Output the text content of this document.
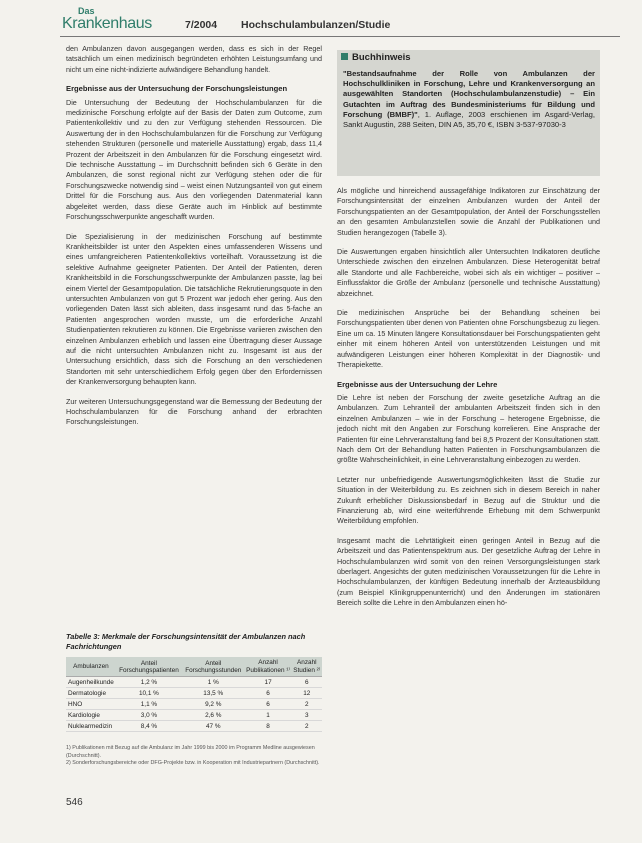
Das
Krankenhaus	7/2004 Hochschulambulanzen/Studie

den Ambulanzen davon ausgegangen werden, dass es sich in der Regel tatsächlich um einen medizinisch begründeten erhöhten Leistungsumfang und nicht um eine nicht-indizierte aufwändigere Behandlung handelt.

Ergebnisse aus der Untersuchung der Forschungsleistungen

Die Untersuchung der Bedeutung der Hochschulambulanzen für die medizinische Forschung erfolgte auf der Basis der Daten zum Outcome, zum Patientenkollektiv und zu den zur Verfügung stehenden Ressourcen. Die Auswertung der in den Hochschulambulanzen für die Forschung zur Verfügung stehenden Strukturen (personelle und materielle Ausstattung) ergab, dass 11,4 Prozent der Arbeitszeit in den Ambulanzen für die Forschung eingesetzt wird. Die technische Ausstattung – im Durchschnitt befinden sich 6 Geräte in den Ambulanzen, die sonst regional nicht zur Verfügung stehen oder die für Forschungszwecke notwendig sind – weist einen Nutzungsanteil von gut einem Drittel für die Forschung aus. Aus den vorliegenden Datenmaterial kann abgeleitet werden, dass diese Geräte auch im Hinblick auf bestimmte Forschungsschwerpunkte angeschafft wurden.

Die Spezialisierung in der medizinischen Forschung auf bestimmte Krankheitsbilder ist unter den Aspekten eines umfassenderen Wissens und eines umfangreicheren Patientenkollektivs vorteilhaft. Voraussetzung ist die selektive Aufnahme geeigneter Patienten. Der Anteil der Patienten, deren Krankheitsbild in die Forschungsschwerpunkte der Ambulanzen passte, lag bei einem Viertel der Gesamtpopulation. Die tatsächliche Rekrutierungsquote in den untersuchten Ambulanzen von gut 5 Prozent war jedoch eher gering. Aus den vorliegenden Daten lässt sich ableiten, dass insgesamt rund das 5-fache an Patienten angesprochen worden musste, um die erforderliche Anzahl Studienpatienten rekrutieren zu können. Die Ergebnisse variieren zwischen den einzelnen Ambulanzen erheblich und lassen eine Übertragung dieser Aussage auf die nicht untersuchten Ambulanzen nicht zu. Insgesamt ist aus der Untersuchung ersichtlich, dass sich die Forschung an den verschiedenen Standorten mit sehr unterschiedlichem Erfolg gegen über den Erfordernissen der Krankenversorgung behaupten kann.

Zur weiteren Untersuchungsgegenstand war die Bemessung der Bedeutung der Hochschulambulanzen für die Forschung anhand der erbrachten Forschungsleistungen.

Tabelle 3: Merkmale der Forschungsintensität der Ambulanzen nach Fachrichtungen
Ambulanzen	Anteil Forschungspatienten	Anteil Forschungsstunden	Anzahl Publikationen ¹⁾	Anzahl Studien ²⁾
Augenheilkunde	1,2 %	1 %	17	6
Dermatologie	10,1 %	13,5 %	6	12
HNO	1,1 %	9,2 %	6	2
Kardiologie	3,0 %	2,6 %	1	3
Nuklearmedizin	8,4 %	47 %	8	2
1) Publikationen mit Bezug auf die Ambulanz im Jahr 1999 bis 2000 im Programm Medline ausgewiesen (Durchschnitt).
2) Sonderforschungsbereiche oder DFG-Projekte bzw. in Kooperation mit Industriepartnern (Durchschnitt).
546
Buchhinweis
"Bestandsaufnahme der Rolle von Ambulanzen der Hochschulkliniken in Forschung, Lehre und Krankenversorgung an ausgewählten Standorten (Hochschulambulanzenstudie) – Ein Gutachten im Auftrag des Bundesministeriums für Bildung und Forschung (BMBF)", 1. Auflage, 2003 erschienen im Asgard-Verlag, Sankt Augustin, 288 Seiten, DIN A5, 35,70 €, ISBN 3-537-97030-3

Als mögliche und hinreichend aussagefähige Indikatoren zur Einschätzung der Forschungsintensität der einzelnen Ambulanzen wurden der Anteil der Forschungspatienten an der Gesamtpopulation, der Anteil der Forschungsstellen an den gesamten Ambulanzstellen sowie die Anzahl der Publikationen und Studien herangezogen (Tabelle 3).

Die Auswertungen ergaben hinsichtlich aller Untersuchten Indikatoren deutliche Unterschiede zwischen den einzelnen Ambulanzen. Diese Heterogenität betraf alle Standorte und alle Fachbereiche, wobei sich als ein wichtiger – positiver – Einflussfaktor die Größe der Ambulanz (personelle und technische Ausstattung) abzeichnet.

Die medizinischen Ansprüche bei der Behandlung scheinen bei Forschungspatienten über denen von Patienten ohne Forschungsbezug zu liegen. Eine um ca. 15 Minuten längere Konsultationsdauer bei Forschungspatienten geht einher mit einem höheren Anteil von unterstützenden Leistungen und mit aufwändigeren Leistungen einer höheren Komplexität in der Diagnostik- und Therapiekette.

Ergebnisse aus der Untersuchung der Lehre

Die Lehre ist neben der Forschung der zweite gesetzliche Auftrag an die Ambulanzen. Zum Lehranteil der ambulanten Arbeitszeit finden sich in den einzelnen Ambulanzen – wie in der Forschung – heterogene Ergebnisse, die jedoch nicht mit den Angaben zur Forschung korrelieren. Eine Ansprache der Patienten für eine Lehrveranstaltung fand bei 8,5 Prozent der Konsultationen statt. Nach dem Ort der Behandlung hatten Patienten in Forschungsambulanzen die größte Wahrscheinlichkeit, in eine Lehrveranstaltung einbezogen zu werden.

Letzter nur unbefriedigende Auswertungsmöglichkeiten lässt die Studie zur Situation in der Weiterbildung zu. Es zeichnen sich in diesem Bereich in naher Zukunft erheblicher Diskussionsbedarf in Bezug auf die Struktur und die Finanzierung ab, wird eine weiterführende Erhebung mit dem Schwerpunkt Weiterbildung empfohlen.

Insgesamt macht die Lehrtätigkeit einen geringen Anteil in Bezug auf die Arbeitszeit und das Patientenspektrum aus. Der gesetzliche Auftrag der Lehre in Hochschulambulanzen wird somit von den reinen Versorgungsleistungen stark überlagert. Angesichts der guten medizinischen Voraussetzungen für die Lehre in Hochschulambulanzen, der künftigen Bedeutung innerhalb der Ärzteausbildung (zum Beispiel Klinikgruppenunterricht) und den Änderungen im stationären Bereich sollte die Lehre in den Ambulanzen einen hö-
